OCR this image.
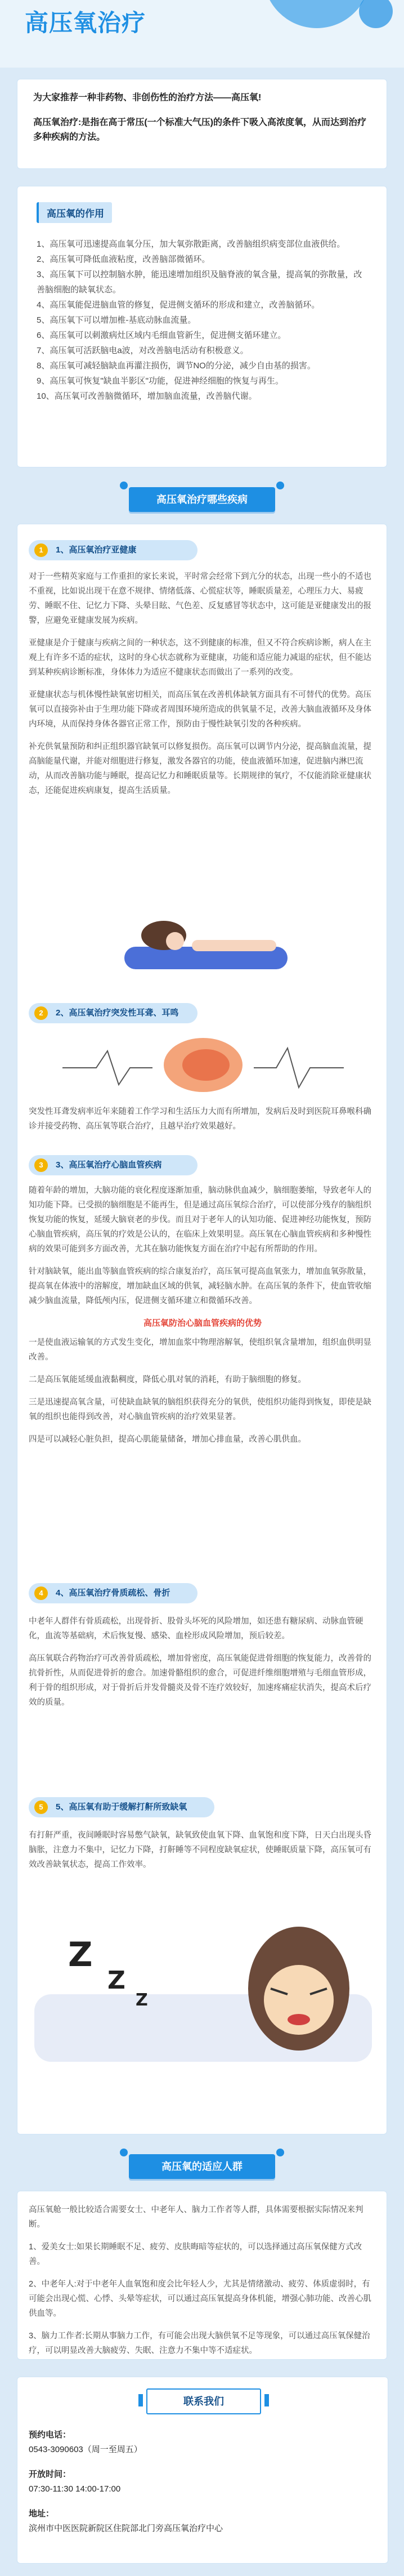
高压氧治疗

为大家推荐一种非药物、非创伤性的治疗方法——高压氧!

高压氧治疗:是指在高于常压(一个标准大气压)的条件下吸入高浓度氧，从而达到治疗多种疾病的方法。

高压氧的作用

1、高压氧可迅速提高血氧分压，加大氧弥散距离，改善脑组织病变部位血液供给。

2、高压氧可降低血液粘度，改善脑部微循环。

3、高压氧下可以控制脑水肿，能迅速增加组织及脑脊液的氧含量，提高氧的弥散量，改善脑细胞的缺氧状态。

4、高压氧能促进脑血管的修复，促进侧支循环的形成和建立，改善脑循环。

5、高压氧下可以增加椎-基底动脉血流量。

6、高压氧可以刺激病灶区域内毛细血管新生，促进侧支循环建立。

7、高压氧可活跃脑电a波，对改善脑电活动有积极意义。

8、高压氧可减轻脑缺血再灌注损伤，调节NO的分泌，减少自由基的损害。

9、高压氧可恢复"缺血半影区"功能，促进神经细胞的恢复与再生。

10、高压氧可改善脑微循环，增加脑血流量，改善脑代谢。

高压氧治疗哪些疾病
1	1、高压氧治疗亚健康

对于一些精英家庭与工作重担的家长来说，平时常会经常下到亢分的状态，出现一些小的不适也不重视，比如说出现干在意不规律、情绪低落、心慌症状等，睡眠质量差，心理压力大、易疲劳、睡眠不住、记忆力下降、头晕目眩、气色差、反复感冒等状态中，这可能是亚健康发出的报警，应避免亚健康发展为疾病。

亚健康是介于健康与疾病之间的一种状态，这不到健康的标准，但又不符合疾病诊断，病人在主观上有许多不适的症状，这时的身心状态就称为亚健康，功能和适应能力减退的症状，但不能达到某种疾病诊断标准，身体体力为适应不健康状态而做出了一系列的改变。

亚健康状态与机体慢性缺氧密切相关，而高压氧在改善机体缺氧方面具有不可替代的优势。高压氧可以直接弥补由于生理功能下降或者周围环境所造成的供氧量不足，改善大脑血液循环及身体内环境，从而保持身体各器官正常工作，预防由于慢性缺氧引发的各种疾病。

补充供氧量预防和纠正组织器官缺氧可以修复损伤。高压氧可以调节内分泌，提高脑血流量，提高脑能量代谢，并能对细胞进行修复，激发各器官的功能，使血液循环加速，促进脑内淋巴流动，从而改善脑功能与睡眠，提高记忆力和睡眠质量等。长期规律的氧疗，不仅能消除亚健康状态，还能促进疾病康复，提高生活质量。

2	2、高压氧治疗突发性耳聋、耳鸣

突发性耳聋发病率近年来随着工作学习和生活压力大而有所增加，发病后及时到医院耳鼻喉科确诊并接受药物、高压氧等联合治疗，且越早治疗效果越好。

3	3、高压氧治疗心脑血管疾病

随着年龄的增加，大脑功能的衰化程度逐渐加重，脑动脉供血减少，脑细胞萎缩，导致老年人的知功能下降。已受损的脑细胞是不能再生，但是通过高压氧综合治疗，可以使部分残存的脑组织恢复功能的恢复，延缓大脑衰老的步伐。而且对于老年人的认知功能、促进神经功能恢复，预防心脑血管疾病，高压氧的疗效是公认的，在临床上效果明显。高压氧在心脑血管疾病和多种慢性病的效果可能到多方面改善，尤其在脑功能恢复方面在治疗中起有所帮助的作用。

针对脑缺氧，能出血等脑血管疾病的综合康复治疗，高压氧可提高血氧张力，增加血氧弥散量，提高氧在体液中的溶解度，增加缺血区域的供氧，减轻脑水肿。在高压氧的条件下，使血管收缩减少脑血流量，降低颅内压，促进侧支循环建立和微循环改善。

高压氧防治心脑血管疾病的优势

一是使血液运输氧的方式发生变化，增加血浆中物理溶解氧，使组织氧含量增加，组织血供明显改善。

二是高压氧能延缓血液黏稠度，降低心肌对氧的消耗，有助于脑细胞的修复。

三是迅速提高氧含量，可使缺血缺氧的脑组织获得充分的氧供，使组织功能得到恢复，即使是缺氧的组织也能得到改善，对心脑血管疾病的治疗效果显著。

四是可以减轻心脏负担，提高心肌能量储备，增加心排血量，改善心肌供血。

4	4、高压氧治疗骨质疏松、骨折

中老年人群伴有骨质疏松，出现骨折、股骨头坏死的风险增加，如还患有糖尿病、动脉血管硬化，血流等基础病，术后恢复慢、感染、血栓形成风险增加，预后较差。

高压氧联合药物治疗可改善骨质疏松，增加骨密度，高压氧能促进骨细胞的恢复能力，改善骨的抗骨折性，从而促进骨折的愈合。加速骨骼组织的愈合，可促进纤维细胞增殖与毛细血管形成，利于骨的组织形成，对于骨折后并发骨髓炎及骨不连疗效较好，加速疼痛症状消失，提高术后疗效的质量。

5	5、高压氧有助于缓解打鼾所致缺氧

有打鼾严重，夜间睡眠时容易憋气缺氧，缺氧致使血氧下降、血氧饱和度下降，日天白出现头昏脑胀，注意力不集中，记忆力下降，打鼾睡等不同程度缺氧症状，使睡眠质量下降，高压氧可有效改善缺氧状态，提高工作效率。

Z
Z
Z
高压氧的适应人群

高压氧舱一般比较适合需要女士、中老年人、脑力工作者等人群，具体需要根据实际情况来判断。

1、爱美女士:如果长期睡眠不足、疲劳、皮肤晦暗等症状的，可以选择通过高压氧保健方式改善。

2、中老年人:对于中老年人血氧饱和度会比年轻人少，尤其是情绪激动、疲劳、体质虚弱时，有可能会出现心慌、心悸、头晕等症状，可以通过高压氧提高身体机能，增强心肺功能、改善心肌供血等。

3、脑力工作者:长期从事脑力工作，有可能会出现大脑供氧不足等现象，可以通过高压氧保健治疗，可以明显改善大脑疲劳、失眠、注意力不集中等不适症状。

联系我们
预约电话：
0543-3090603（周一至周五）
开放时间：
07:30-11:30 14:00-17:00
地址：
滨州市中医医院新院区住院部北门旁高压氧治疗中心
